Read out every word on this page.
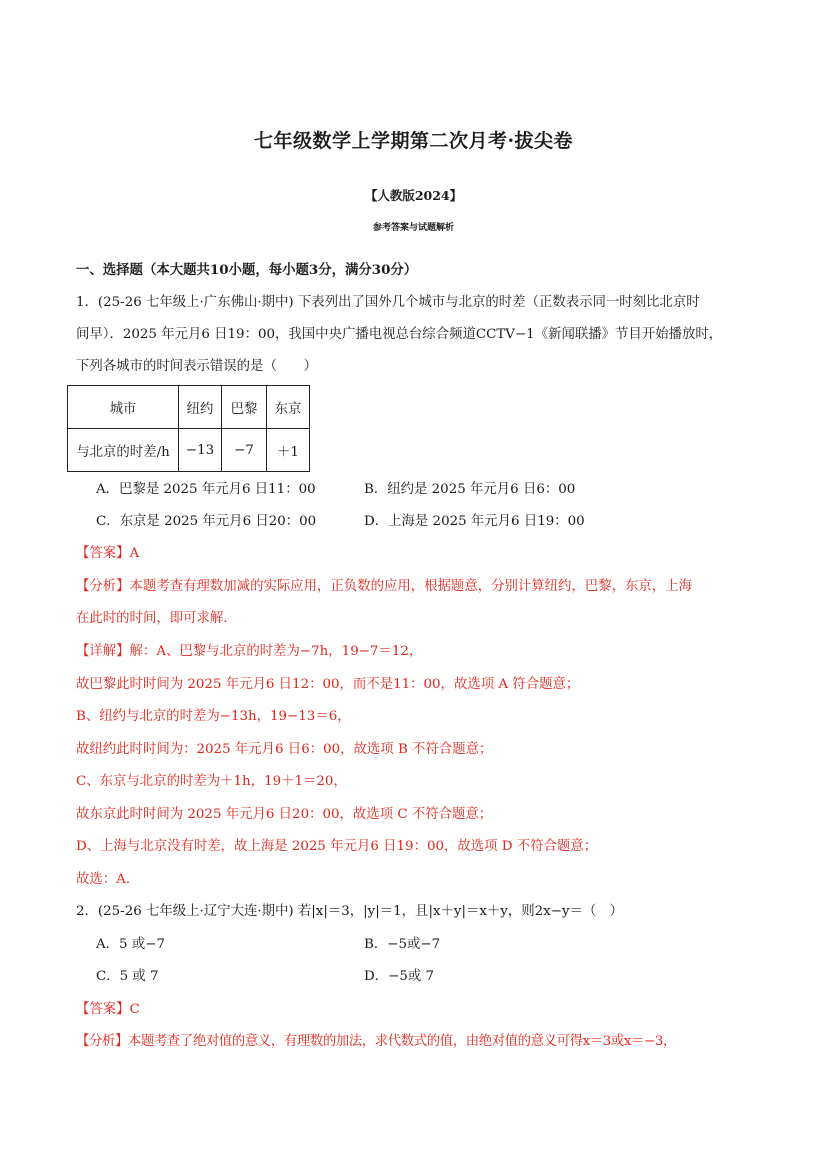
七年级数学上学期第二次月考·拔尖卷
【人教版2024】
参考答案与试题解析
一、选择题（本大题共10小题，每小题3分，满分30分）
1．(25-26 七年级上·广东佛山·期中) 下表列出了国外几个城市与北京的时差（正数表示同一时刻比北京时
间早）．2025 年元月6 日19：00，我国中央广播电视总台综合频道CCTV−1《新闻联播》节目开始播放时，
下列各城市的时间表示错误的是（　　）
城市	纽约	巴黎	东京
与北京的时差/h	−13	−7	＋1
A．巴黎是 2025 年元月6 日11：00	B．纽约是 2025 年元月6 日6：00
C．东京是 2025 年元月6 日20：00	D．上海是 2025 年元月6 日19：00
【答案】A
【分析】本题考查有理数加减的实际应用，正负数的应用，根据题意，分别计算纽约，巴黎，东京，上海
在此时的时间，即可求解．
【详解】解：A、巴黎与北京的时差为−7h，19−7＝12，
故巴黎此时时间为 2025 年元月6 日12：00，而不是11：00，故选项 A 符合题意；
B、纽约与北京的时差为−13h，19−13＝6，
故纽约此时时间为：2025 年元月6 日6：00，故选项 B 不符合题意；
C、东京与北京的时差为＋1h，19＋1＝20，
故东京此时时间为 2025 年元月6 日20：00，故选项 C 不符合题意；
D、上海与北京没有时差，故上海是 2025 年元月6 日19：00，故选项 D 不符合题意；
故选：A．
2．(25-26 七年级上·辽宁大连·期中) 若|x|＝3，|y|＝1，且|x＋y|＝x＋y，则2x−y＝（　）
A．5 或−7	B．−5或−7
C．5 或 7	D．−5或 7
【答案】C
【分析】本题考查了绝对值的意义，有理数的加法，求代数式的值，由绝对值的意义可得x＝3或x＝−3，
